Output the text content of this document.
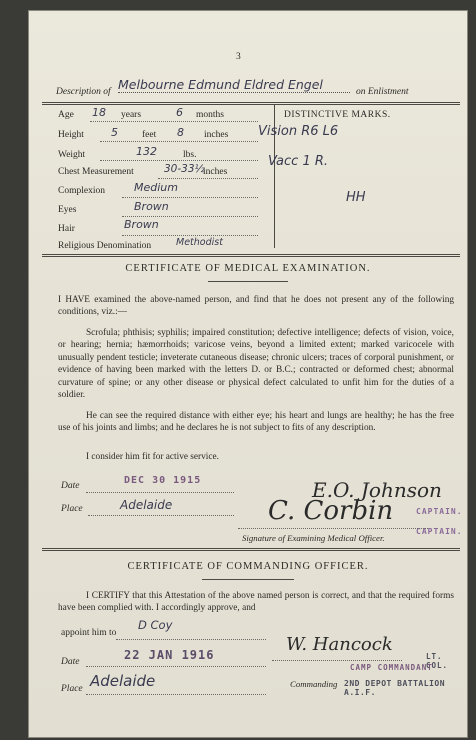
3
Description of Melbourne Edmund Eldred Engel	on Enlistment
Age 18 years	6 months
Height 5	feet 8 inches
Weight	132	lbs.
Chest Measurement	30-33½
inches
Complexion	Medium
Eyes	Brown
Hair	Brown
Religious Denomination	Methodist
DISTINCTIVE MARKS.
Vision R6 L6
Vacc 1 R.
HH
CERTIFICATE OF MEDICAL EXAMINATION.
I HAVE examined the above-named person, and find that he does not present any of the following conditions, viz.:—
Scrofula; phthisis; syphilis; impaired constitution; defective intelligence; defects of vision, voice, or hearing; hernia; hæmorrhoids; varicose veins, beyond a limited extent; marked varicocele with unusually pendent testicle; inveterate cutaneous disease; chronic ulcers; traces of corporal punishment, or evidence of having been marked with the letters D. or B.C.; contracted or deformed chest; abnormal curvature of spine; or any other disease or physical defect calculated to unfit him for the duties of a soldier.
He can see the required distance with either eye; his heart and lungs are healthy; he has the free use of his joints and limbs; and he declares he is not subject to fits of any description.
I consider him fit for active service.
Date	DEC 30 1915
Place	Adelaide
E.O. Johnson
C. Corbin	CAPTAIN.
CAPTAIN.
Signature of Examining Medical Officer.
CERTIFICATE OF COMMANDING OFFICER.
I CERTIFY that this Attestation of the above named person is correct, and that the required forms have been complied with. I accordingly approve, and
appoint him to
D Coy
Date	22 JAN 1916
Place Adelaide
W. Hancock
LT. COL.
CAMP COMMANDANT
Commanding 2ND DEPOT BATTALION A.I.F.
